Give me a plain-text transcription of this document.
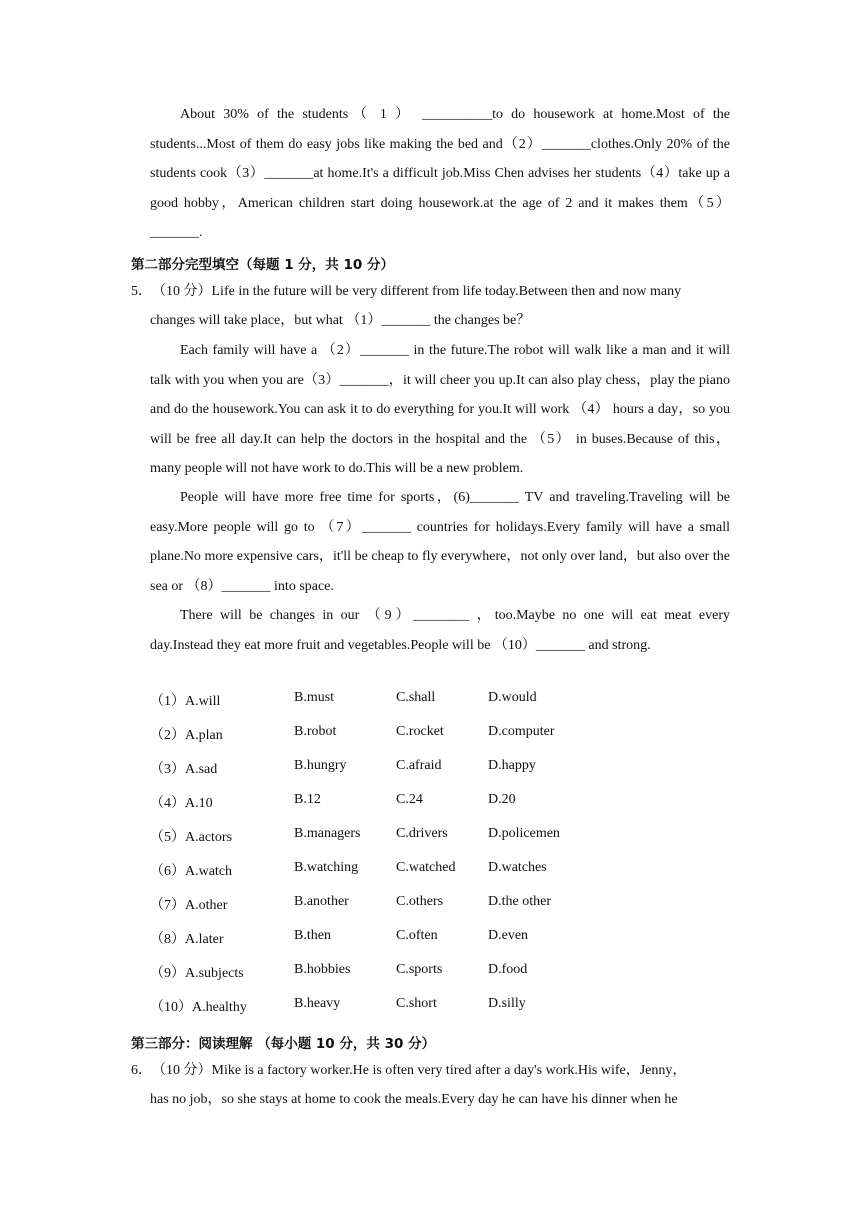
About 30% of the students（ 1 ） __________to do housework at home.Most of the students...Most of them do easy jobs like making the bed and（2）_______clothes.Only 20% of the students cook（3）_______at home.It's a difficult job.Miss Chen advises her students（4）take up a good hobby，American children start doing housework.at the age of 2 and it makes them（5）_______.
第二部分完型填空（每题 1 分，共 10 分）
5．（10 分）Life in the future will be very different from life today.Between then and now many
changes will take place，but what （1）_______ the changes be？
Each family will have a （2）_______ in the future.The robot will walk like a man and it will talk with you when you are（3）_______，it will cheer you up.It can also play chess，play the piano and do the housework.You can ask it to do everything for you.It will work （4） hours a day，so you will be free all day.It can help the doctors in the hospital and the （5） in buses.Because of this，many people will not have work to do.This will be a new problem.
People will have more free time for sports，(6)_______ TV and traveling.Traveling will be easy.More people will go to （7）_______ countries for holidays.Every family will have a small plane.No more expensive cars，it'll be cheap to fly everywhere，not only over land，but also over the sea or （8）_______ into space.
There will be changes in our （9）________ ，too.Maybe no one will eat meat every day.Instead they eat more fruit and vegetables.People will be （10）_______ and strong.
（1）A.will	B.must	C.shall	D.would
（2）A.plan	B.robot	C.rocket	D.computer
（3）A.sad	B.hungry	C.afraid	D.happy
（4）A.10	B.12	C.24	D.20
（5）A.actors	B.managers	C.drivers	D.policemen
（6）A.watch	B.watching	C.watched D.watches
（7）A.other	B.another	C.others	D.the other
（8）A.later	B.then	C.often	D.even
（9）A.subjects	B.hobbies	C.sports	D.food
（10）A.healthy	B.heavy	C.short	D.silly
第三部分：阅读理解 （每小题 10 分，共 30 分）
6．（10 分）Mike is a factory worker.He is often very tired after a day's work.His wife，Jenny，
has no job，so she stays at home to cook the meals.Every day he can have his dinner when he
